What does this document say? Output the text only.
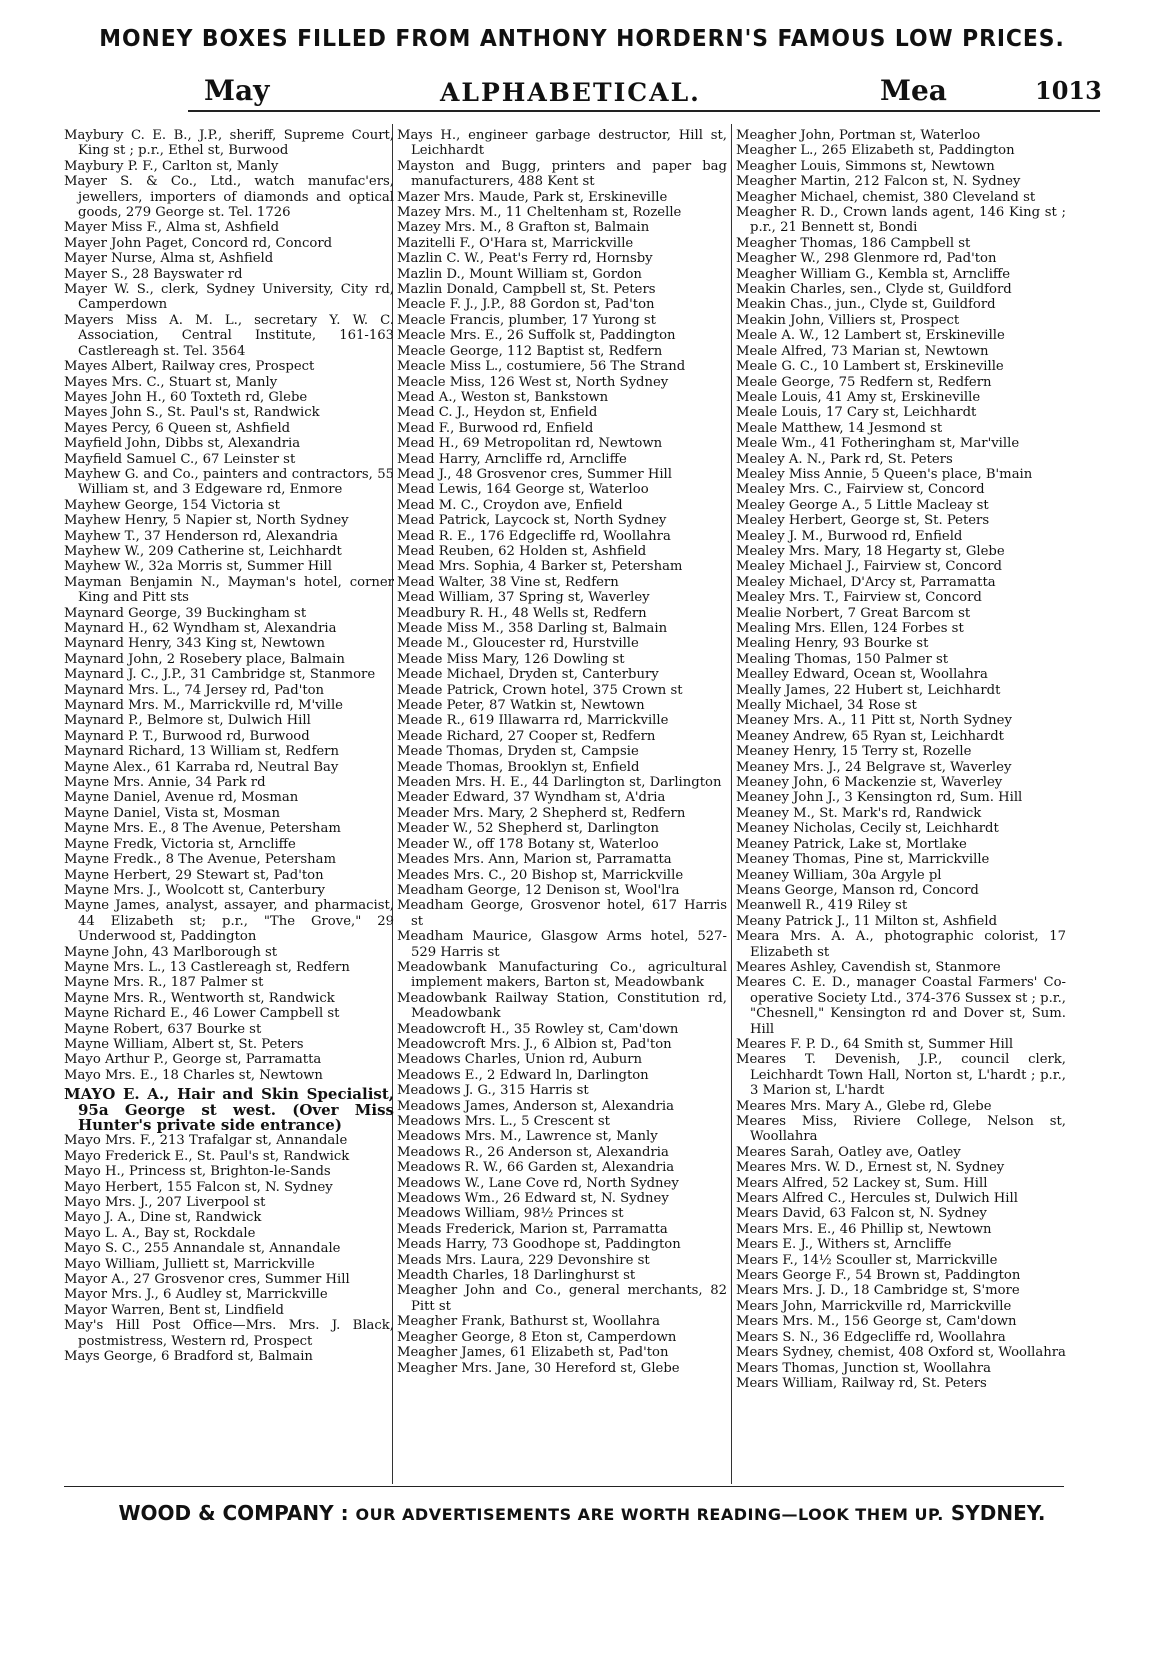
MONEY BOXES FILLED FROM ANTHONY HORDERN'S FAMOUS LOW PRICES.
May	ALPHABETICAL.	Mea	1013

Maybury C. E. B., J.P., sheriff, Supreme Court, King st ; p.r., Ethel st, Burwood

Maybury P. F., Carlton st, Manly

Mayer S. & Co., Ltd., watch manufac'ers, jewellers, importers of diamonds and optical goods, 279 George st. Tel. 1726

Mayer Miss F., Alma st, Ashfield

Mayer John Paget, Concord rd, Concord

Mayer Nurse, Alma st, Ashfield

Mayer S., 28 Bayswater rd

Mayer W. S., clerk, Sydney University, City rd, Camperdown

Mayers Miss A. M. L., secretary Y. W. C. Association, Central Institute, 161-163 Castlereagh st. Tel. 3564

Mayes Albert, Railway cres, Prospect

Mayes Mrs. C., Stuart st, Manly

Mayes John H., 60 Toxteth rd, Glebe

Mayes John S., St. Paul's st, Randwick

Mayes Percy, 6 Queen st, Ashfield

Mayfield John, Dibbs st, Alexandria

Mayfield Samuel C., 67 Leinster st

Mayhew G. and Co., painters and contractors, 55 William st, and 3 Edgeware rd, Enmore

Mayhew George, 154 Victoria st

Mayhew Henry, 5 Napier st, North Sydney

Mayhew T., 37 Henderson rd, Alexandria

Mayhew W., 209 Catherine st, Leichhardt

Mayhew W., 32a Morris st, Summer Hill

Mayman Benjamin N., Mayman's hotel, corner King and Pitt sts

Maynard George, 39 Buckingham st

Maynard H., 62 Wyndham st, Alexandria

Maynard Henry, 343 King st, Newtown

Maynard John, 2 Rosebery place, Balmain

Maynard J. C., J.P., 31 Cambridge st, Stanmore

Maynard Mrs. L., 74 Jersey rd, Pad'ton

Maynard Mrs. M., Marrickville rd, M'ville

Maynard P., Belmore st, Dulwich Hill

Maynard P. T., Burwood rd, Burwood

Maynard Richard, 13 William st, Redfern

Mayne Alex., 61 Karraba rd, Neutral Bay

Mayne Mrs. Annie, 34 Park rd

Mayne Daniel, Avenue rd, Mosman

Mayne Daniel, Vista st, Mosman

Mayne Mrs. E., 8 The Avenue, Petersham

Mayne Fredk, Victoria st, Arncliffe

Mayne Fredk., 8 The Avenue, Petersham

Mayne Herbert, 29 Stewart st, Pad'ton

Mayne Mrs. J., Woolcott st, Canterbury

Mayne James, analyst, assayer, and pharmacist, 44 Elizabeth st; p.r., "The Grove," 29 Underwood st, Paddington

Mayne John, 43 Marlborough st

Mayne Mrs. L., 13 Castlereagh st, Redfern

Mayne Mrs. R., 187 Palmer st

Mayne Mrs. R., Wentworth st, Randwick

Mayne Richard E., 46 Lower Campbell st

Mayne Robert, 637 Bourke st

Mayne William, Albert st, St. Peters

Mayo Arthur P., George st, Parramatta

Mayo Mrs. E., 18 Charles st, Newtown

MAYO E. A., Hair and Skin Specialist, 95a George st west. (Over Miss Hunter's private side entrance)

Mayo Mrs. F., 213 Trafalgar st, Annandale

Mayo Frederick E., St. Paul's st, Randwick

Mayo H., Princess st, Brighton-le-Sands

Mayo Herbert, 155 Falcon st, N. Sydney

Mayo Mrs. J., 207 Liverpool st

Mayo J. A., Dine st, Randwick

Mayo L. A., Bay st, Rockdale

Mayo S. C., 255 Annandale st, Annandale

Mayo William, Julliett st, Marrickville

Mayor A., 27 Grosvenor cres, Summer Hill

Mayor Mrs. J., 6 Audley st, Marrickville

Mayor Warren, Bent st, Lindfield

May's Hill Post Office—Mrs. Mrs. J. Black, postmistress, Western rd, Prospect

Mays George, 6 Bradford st, Balmain

Mays H., engineer garbage destructor, Hill st, Leichhardt

Mayston and Bugg, printers and paper bag manufacturers, 488 Kent st

Mazer Mrs. Maude, Park st, Erskineville

Mazey Mrs. M., 11 Cheltenham st, Rozelle

Mazey Mrs. M., 8 Grafton st, Balmain

Mazitelli F., O'Hara st, Marrickville

Mazlin C. W., Peat's Ferry rd, Hornsby

Mazlin D., Mount William st, Gordon

Mazlin Donald, Campbell st, St. Peters

Meacle F. J., J.P., 88 Gordon st, Pad'ton

Meacle Francis, plumber, 17 Yurong st

Meacle Mrs. E., 26 Suffolk st, Paddington

Meacle George, 112 Baptist st, Redfern

Meacle Miss L., costumiere, 56 The Strand

Meacle Miss, 126 West st, North Sydney

Mead A., Weston st, Bankstown

Mead C. J., Heydon st, Enfield

Mead F., Burwood rd, Enfield

Mead H., 69 Metropolitan rd, Newtown

Mead Harry, Arncliffe rd, Arncliffe

Mead J., 48 Grosvenor cres, Summer Hill

Mead Lewis, 164 George st, Waterloo

Mead M. C., Croydon ave, Enfield

Mead Patrick, Laycock st, North Sydney

Mead R. E., 176 Edgecliffe rd, Woollahra

Mead Reuben, 62 Holden st, Ashfield

Mead Mrs. Sophia, 4 Barker st, Petersham

Mead Walter, 38 Vine st, Redfern

Mead William, 37 Spring st, Waverley

Meadbury R. H., 48 Wells st, Redfern

Meade Miss M., 358 Darling st, Balmain

Meade M., Gloucester rd, Hurstville

Meade Miss Mary, 126 Dowling st

Meade Michael, Dryden st, Canterbury

Meade Patrick, Crown hotel, 375 Crown st

Meade Peter, 87 Watkin st, Newtown

Meade R., 619 Illawarra rd, Marrickville

Meade Richard, 27 Cooper st, Redfern

Meade Thomas, Dryden st, Campsie

Meade Thomas, Brooklyn st, Enfield

Meaden Mrs. H. E., 44 Darlington st, Darlington

Meader Edward, 37 Wyndham st, A'dria

Meader Mrs. Mary, 2 Shepherd st, Redfern

Meader W., 52 Shepherd st, Darlington

Meader W., off 178 Botany st, Waterloo

Meades Mrs. Ann, Marion st, Parramatta

Meades Mrs. C., 20 Bishop st, Marrickville

Meadham George, 12 Denison st, Wool'lra

Meadham George, Grosvenor hotel, 617 Harris st

Meadham Maurice, Glasgow Arms hotel, 527-529 Harris st

Meadowbank Manufacturing Co., agricultural implement makers, Barton st, Meadowbank

Meadowbank Railway Station, Constitution rd, Meadowbank

Meadowcroft H., 35 Rowley st, Cam'down

Meadowcroft Mrs. J., 6 Albion st, Pad'ton

Meadows Charles, Union rd, Auburn

Meadows E., 2 Edward ln, Darlington

Meadows J. G., 315 Harris st

Meadows James, Anderson st, Alexandria

Meadows Mrs. L., 5 Crescent st

Meadows Mrs. M., Lawrence st, Manly

Meadows R., 26 Anderson st, Alexandria

Meadows R. W., 66 Garden st, Alexandria

Meadows W., Lane Cove rd, North Sydney

Meadows Wm., 26 Edward st, N. Sydney

Meadows William, 98½ Princes st

Meads Frederick, Marion st, Parramatta

Meads Harry, 73 Goodhope st, Paddington

Meads Mrs. Laura, 229 Devonshire st

Meadth Charles, 18 Darlinghurst st

Meagher John and Co., general merchants, 82 Pitt st

Meagher Frank, Bathurst st, Woollahra

Meagher George, 8 Eton st, Camperdown

Meagher James, 61 Elizabeth st, Pad'ton

Meagher Mrs. Jane, 30 Hereford st, Glebe

Meagher John, Portman st, Waterloo

Meagher L., 265 Elizabeth st, Paddington

Meagher Louis, Simmons st, Newtown

Meagher Martin, 212 Falcon st, N. Sydney

Meagher Michael, chemist, 380 Cleveland st

Meagher R. D., Crown lands agent, 146 King st ; p.r., 21 Bennett st, Bondi

Meagher Thomas, 186 Campbell st

Meagher W., 298 Glenmore rd, Pad'ton

Meagher William G., Kembla st, Arncliffe

Meakin Charles, sen., Clyde st, Guildford

Meakin Chas., jun., Clyde st, Guildford

Meakin John, Villiers st, Prospect

Meale A. W., 12 Lambert st, Erskineville

Meale Alfred, 73 Marian st, Newtown

Meale G. C., 10 Lambert st, Erskineville

Meale George, 75 Redfern st, Redfern

Meale Louis, 41 Amy st, Erskineville

Meale Louis, 17 Cary st, Leichhardt

Meale Matthew, 14 Jesmond st

Meale Wm., 41 Fotheringham st, Mar'ville

Mealey A. N., Park rd, St. Peters

Mealey Miss Annie, 5 Queen's place, B'main

Mealey Mrs. C., Fairview st, Concord

Mealey George A., 5 Little Macleay st

Mealey Herbert, George st, St. Peters

Mealey J. M., Burwood rd, Enfield

Mealey Mrs. Mary, 18 Hegarty st, Glebe

Mealey Michael J., Fairview st, Concord

Mealey Michael, D'Arcy st, Parramatta

Mealey Mrs. T., Fairview st, Concord

Mealie Norbert, 7 Great Barcom st

Mealing Mrs. Ellen, 124 Forbes st

Mealing Henry, 93 Bourke st

Mealing Thomas, 150 Palmer st

Mealley Edward, Ocean st, Woollahra

Meally James, 22 Hubert st, Leichhardt

Meally Michael, 34 Rose st

Meaney Mrs. A., 11 Pitt st, North Sydney

Meaney Andrew, 65 Ryan st, Leichhardt

Meaney Henry, 15 Terry st, Rozelle

Meaney Mrs. J., 24 Belgrave st, Waverley

Meaney John, 6 Mackenzie st, Waverley

Meaney John J., 3 Kensington rd, Sum. Hill

Meaney M., St. Mark's rd, Randwick

Meaney Nicholas, Cecily st, Leichhardt

Meaney Patrick, Lake st, Mortlake

Meaney Thomas, Pine st, Marrickville

Meaney William, 30a Argyle pl

Means George, Manson rd, Concord

Meanwell R., 419 Riley st

Meany Patrick J., 11 Milton st, Ashfield

Meara Mrs. A. A., photographic colorist, 17 Elizabeth st

Meares Ashley, Cavendish st, Stanmore

Meares C. E. D., manager Coastal Farmers' Co-operative Society Ltd., 374-376 Sussex st ; p.r., "Chesnell," Kensington rd and Dover st, Sum. Hill

Meares F. P. D., 64 Smith st, Summer Hill

Meares T. Devenish, J.P., council clerk, Leichhardt Town Hall, Norton st, L'hardt ; p.r., 3 Marion st, L'hardt

Meares Mrs. Mary A., Glebe rd, Glebe

Meares Miss, Riviere College, Nelson st, Woollahra

Meares Sarah, Oatley ave, Oatley

Meares Mrs. W. D., Ernest st, N. Sydney

Mears Alfred, 52 Lackey st, Sum. Hill

Mears Alfred C., Hercules st, Dulwich Hill

Mears David, 63 Falcon st, N. Sydney

Mears Mrs. E., 46 Phillip st, Newtown

Mears E. J., Withers st, Arncliffe

Mears F., 14½ Scouller st, Marrickville

Mears George F., 54 Brown st, Paddington

Mears Mrs. J. D., 18 Cambridge st, S'more

Mears John, Marrickville rd, Marrickville

Mears Mrs. M., 156 George st, Cam'down

Mears S. N., 36 Edgecliffe rd, Woollahra

Mears Sydney, chemist, 408 Oxford st, Woollahra

Mears Thomas, Junction st, Woollahra

Mears William, Railway rd, St. Peters

WOOD & COMPANY : OUR ADVERTISEMENTS ARE WORTH READING—LOOK THEM UP. SYDNEY.
